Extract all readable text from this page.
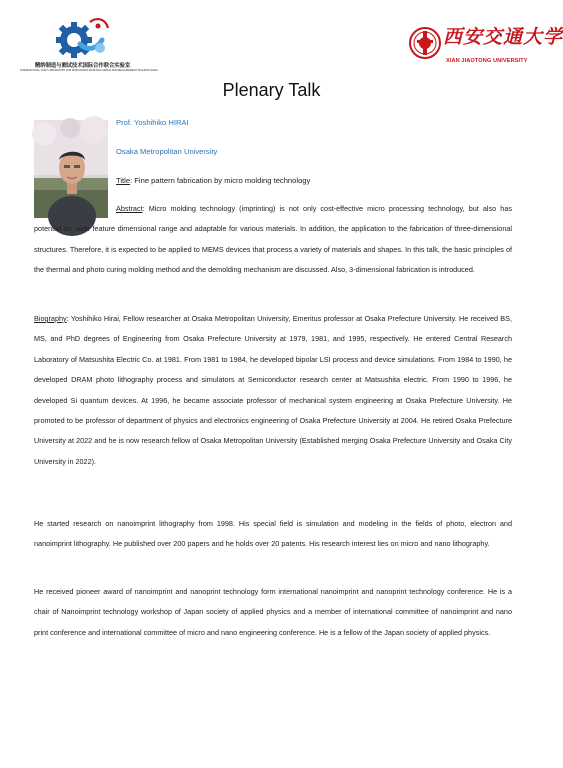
精纳制造与测试技术国际合作联合实验室
INTERNATIONAL JOINT LABORATORY FOR MICRO/NANO MANUFACTURING AND MEASUREMENT TECHNOLOGIES
西安交通大学
XIAN JIAOTONG UNIVERSITY
Plenary Talk
Prof. Yoshihiko HIRAI
Osaka Metropolitan University
Title: Fine pattern fabrication by micro molding technology

Abstract: Micro molding technology (imprinting) is not only cost-effective micro processing technology, but also has potential for wide feature dimensional range and adaptable for various materials. In addition, the application to the fabrication of three-dimensional structures. Therefore, it is expected to be applied to MEMS devices that process a variety of materials and shapes. In this talk, the basic principles of the thermal and photo curing molding method and the demolding mechanism are discussed. Also, 3-dimensional fabrication is introduced.

Biography: Yoshihiko Hirai, Fellow researcher at Osaka Metropolitan University, Emeritus professor at Osaka Prefecture University. He received BS, MS, and PhD degrees of Engineering from Osaka Prefecture University at 1979, 1981, and 1995, respectively. He entered Central Research Laboratory of Matsushita Electric Co. at 1981. From 1981 to 1984, he developed bipolar LSI process and device simulations. From 1984 to 1990, he developed DRAM photo lithography process and simulators at Semiconductor research center at Matsushita electric. From 1990 to 1996, he developed Si quantum devices. At 1996, he became associate professor of mechanical system engineering at Osaka Prefecture University. He promoted to be professor of department of physics and electronics engineering of Osaka Prefecture University at 2004. He retired Osaka Prefecture University at 2022 and he is now research fellow of Osaka Metropolitan University (Established merging Osaka Prefecture University and Osaka City University in 2022).

He started research on nanoimprint lithography from 1998. His special field is simulation and modeling in the fields of photo, electron and nanoimprint lithography. He published over 200 papers and he holds over 20 patents. His research interest lies on micro and nano lithography.

He received pioneer award of nanoimprint and nanoprint technology form international nanoimprint and nanoprint technology conference. He is a chair of Nanoimprint technology workshop of Japan society of applied physics and a member of international committee of nanoimprint and nano print conference and international committee of micro and nano engineering conference. He is a fellow of the Japan society of applied physics.
